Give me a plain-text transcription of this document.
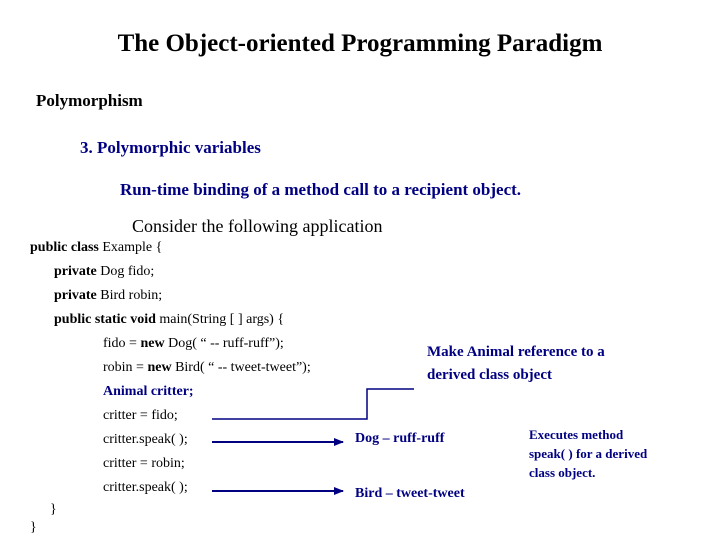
The Object-oriented Programming Paradigm
Polymorphism
3. Polymorphic variables
Run-time binding of a method call to a recipient object.
Consider the following application
public class Example {
private Dog fido;
private Bird robin;
public static void main(String [ ] args) {
fido = new Dog( “ -- ruff-ruff”);
robin = new Bird( “ -- tweet-tweet”);
Animal critter;
critter = fido;
critter.speak( );
critter = robin;
critter.speak( );
}
}
Make Animal reference to a
derived class object
Dog – ruff-ruff
Bird – tweet-tweet
Executes method
speak( ) for a derived
class object.
